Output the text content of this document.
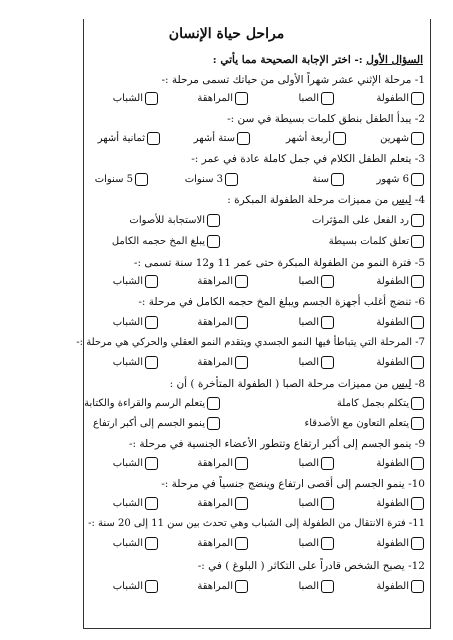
مراحل حياة الإنسان
السؤال الأول :- اختر الإجابة الصحيحة مما يأتي :
1- مرحلة الإثني عشر شهراً الأولى من حياتك تسمى مرحلة :-
الطفولة
الصبا
المراهقة
الشباب
2- يبدأ الطفل بنطق كلمات بسيطة في سن :-
شهرين
أربعة أشهر
ستة أشهر
ثمانية أشهر
3- يتعلم الطفل الكلام في جمل كاملة عادة في عمر :-
6 شهور
سنة
3 سنوات
5 سنوات
4- ليس من مميزات مرحلة الطفولة المبكرة :
رد الفعل على المؤثرات
الاستجابة للأصوات
تعلق كلمات بسيطة
يبلغ المخ حجمه الكامل
5- فترة النمو من الطفولة المبكرة حتى عمر 11 و12 سنة تسمى :-
الطفولة
الصبا
المراهقة
الشباب
6- تنضج أغلب أجهزة الجسم ويبلغ المخ حجمه الكامل في مرحلة :-
الطفولة
الصبا
المراهقة
الشباب
7- المرحلة التي يتباطأ فيها النمو الجسدي ويتقدم النمو العقلي والحركي هي مرحلة :-
الطفولة
الصبا
المراهقة
الشباب
8- ليس من مميزات مرحلة الصبا ( الطفولة المتأخرة ) أن :
يتكلم بجمل كاملة
يتعلم الرسم والقراءة والكتابة
يتعلم التعاون مع الأصدقاء
ينمو الجسم إلى أكبر ارتفاع
9- ينمو الجسم إلى أكبر ارتفاع وتتطور الأعضاء الجنسية في مرحلة :-
الطفولة
الصبا
المراهقة
الشباب
10- ينمو الجسم إلى أقصى ارتفاع وينضج جنسياً في مرحلة :-
الطفولة
الصبا
المراهقة
الشباب
11- فترة الانتقال من الطفولة إلى الشباب وهي تحدث بين سن 11 إلى 20 سنة :-
الطفولة
الصبا
المراهقة
الشباب
12- يصبح الشخص قادراً على التكاثر ( البلوغ ) في :-
الطفولة
الصبا
المراهقة
الشباب
